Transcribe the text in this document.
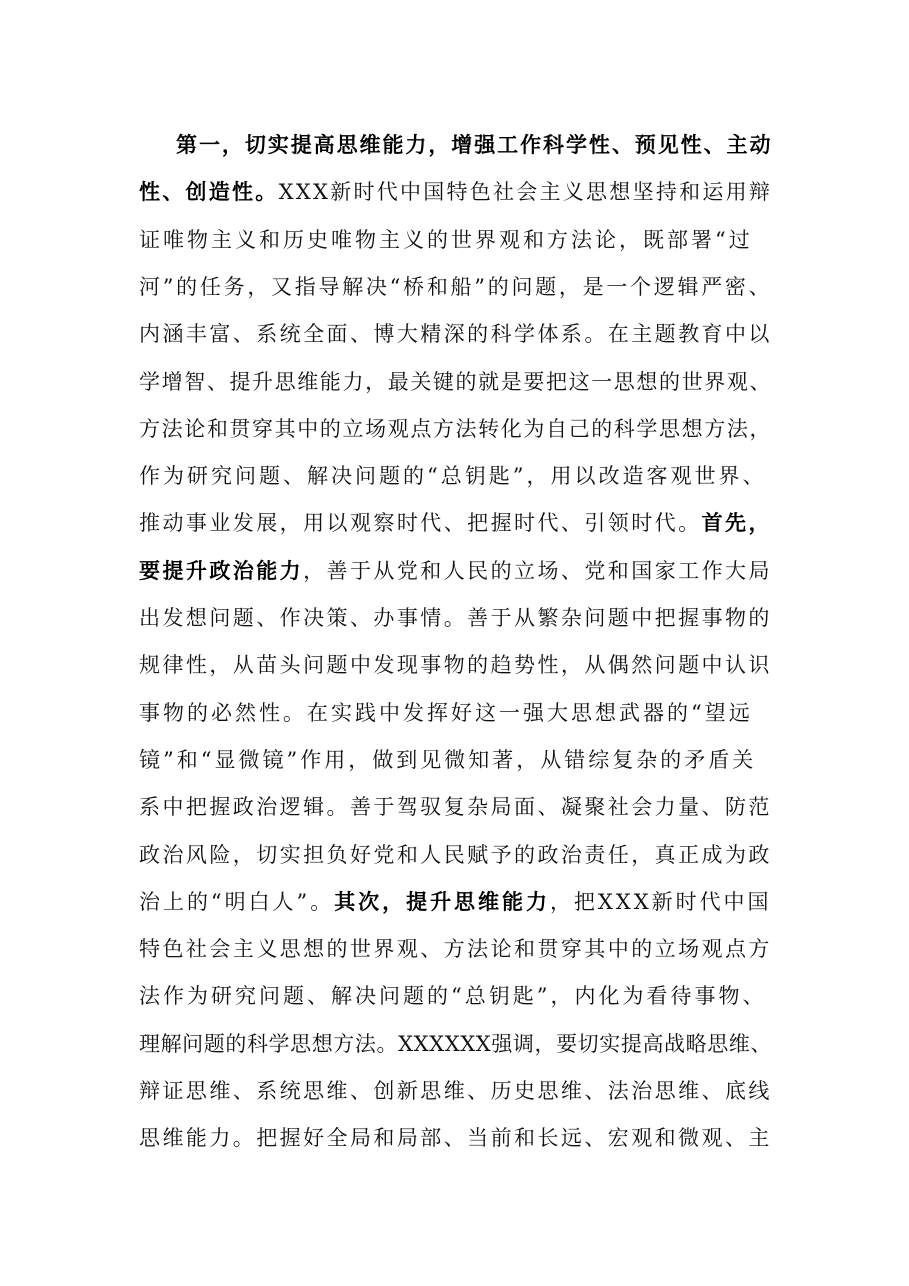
第一，切实提高思维能力，增强工作科学性、预见性、主动
性、创造性。XXX新时代中国特色社会主义思想坚持和运用辩
证唯物主义和历史唯物主义的世界观和方法论，既部署“过
河”的任务，又指导解决“桥和船”的问题，是一个逻辑严密、
内涵丰富、系统全面、博大精深的科学体系。在主题教育中以
学增智、提升思维能力，最关键的就是要把这一思想的世界观、
方法论和贯穿其中的立场观点方法转化为自己的科学思想方法，
作为研究问题、解决问题的“总钥匙”，用以改造客观世界、
推动事业发展，用以观察时代、把握时代、引领时代。首先，
要提升政治能力，善于从党和人民的立场、党和国家工作大局
出发想问题、作决策、办事情。善于从繁杂问题中把握事物的
规律性，从苗头问题中发现事物的趋势性，从偶然问题中认识
事物的必然性。在实践中发挥好这一强大思想武器的“望远
镜”和“显微镜”作用，做到见微知著，从错综复杂的矛盾关
系中把握政治逻辑。善于驾驭复杂局面、凝聚社会力量、防范
政治风险，切实担负好党和人民赋予的政治责任，真正成为政
治上的“明白人”。其次，提升思维能力，把XXX新时代中国
特色社会主义思想的世界观、方法论和贯穿其中的立场观点方
法作为研究问题、解决问题的“总钥匙”，内化为看待事物、
理解问题的科学思想方法。XXXXXX强调，要切实提高战略思维、
辩证思维、系统思维、创新思维、历史思维、法治思维、底线
思维能力。把握好全局和局部、当前和长远、宏观和微观、主
